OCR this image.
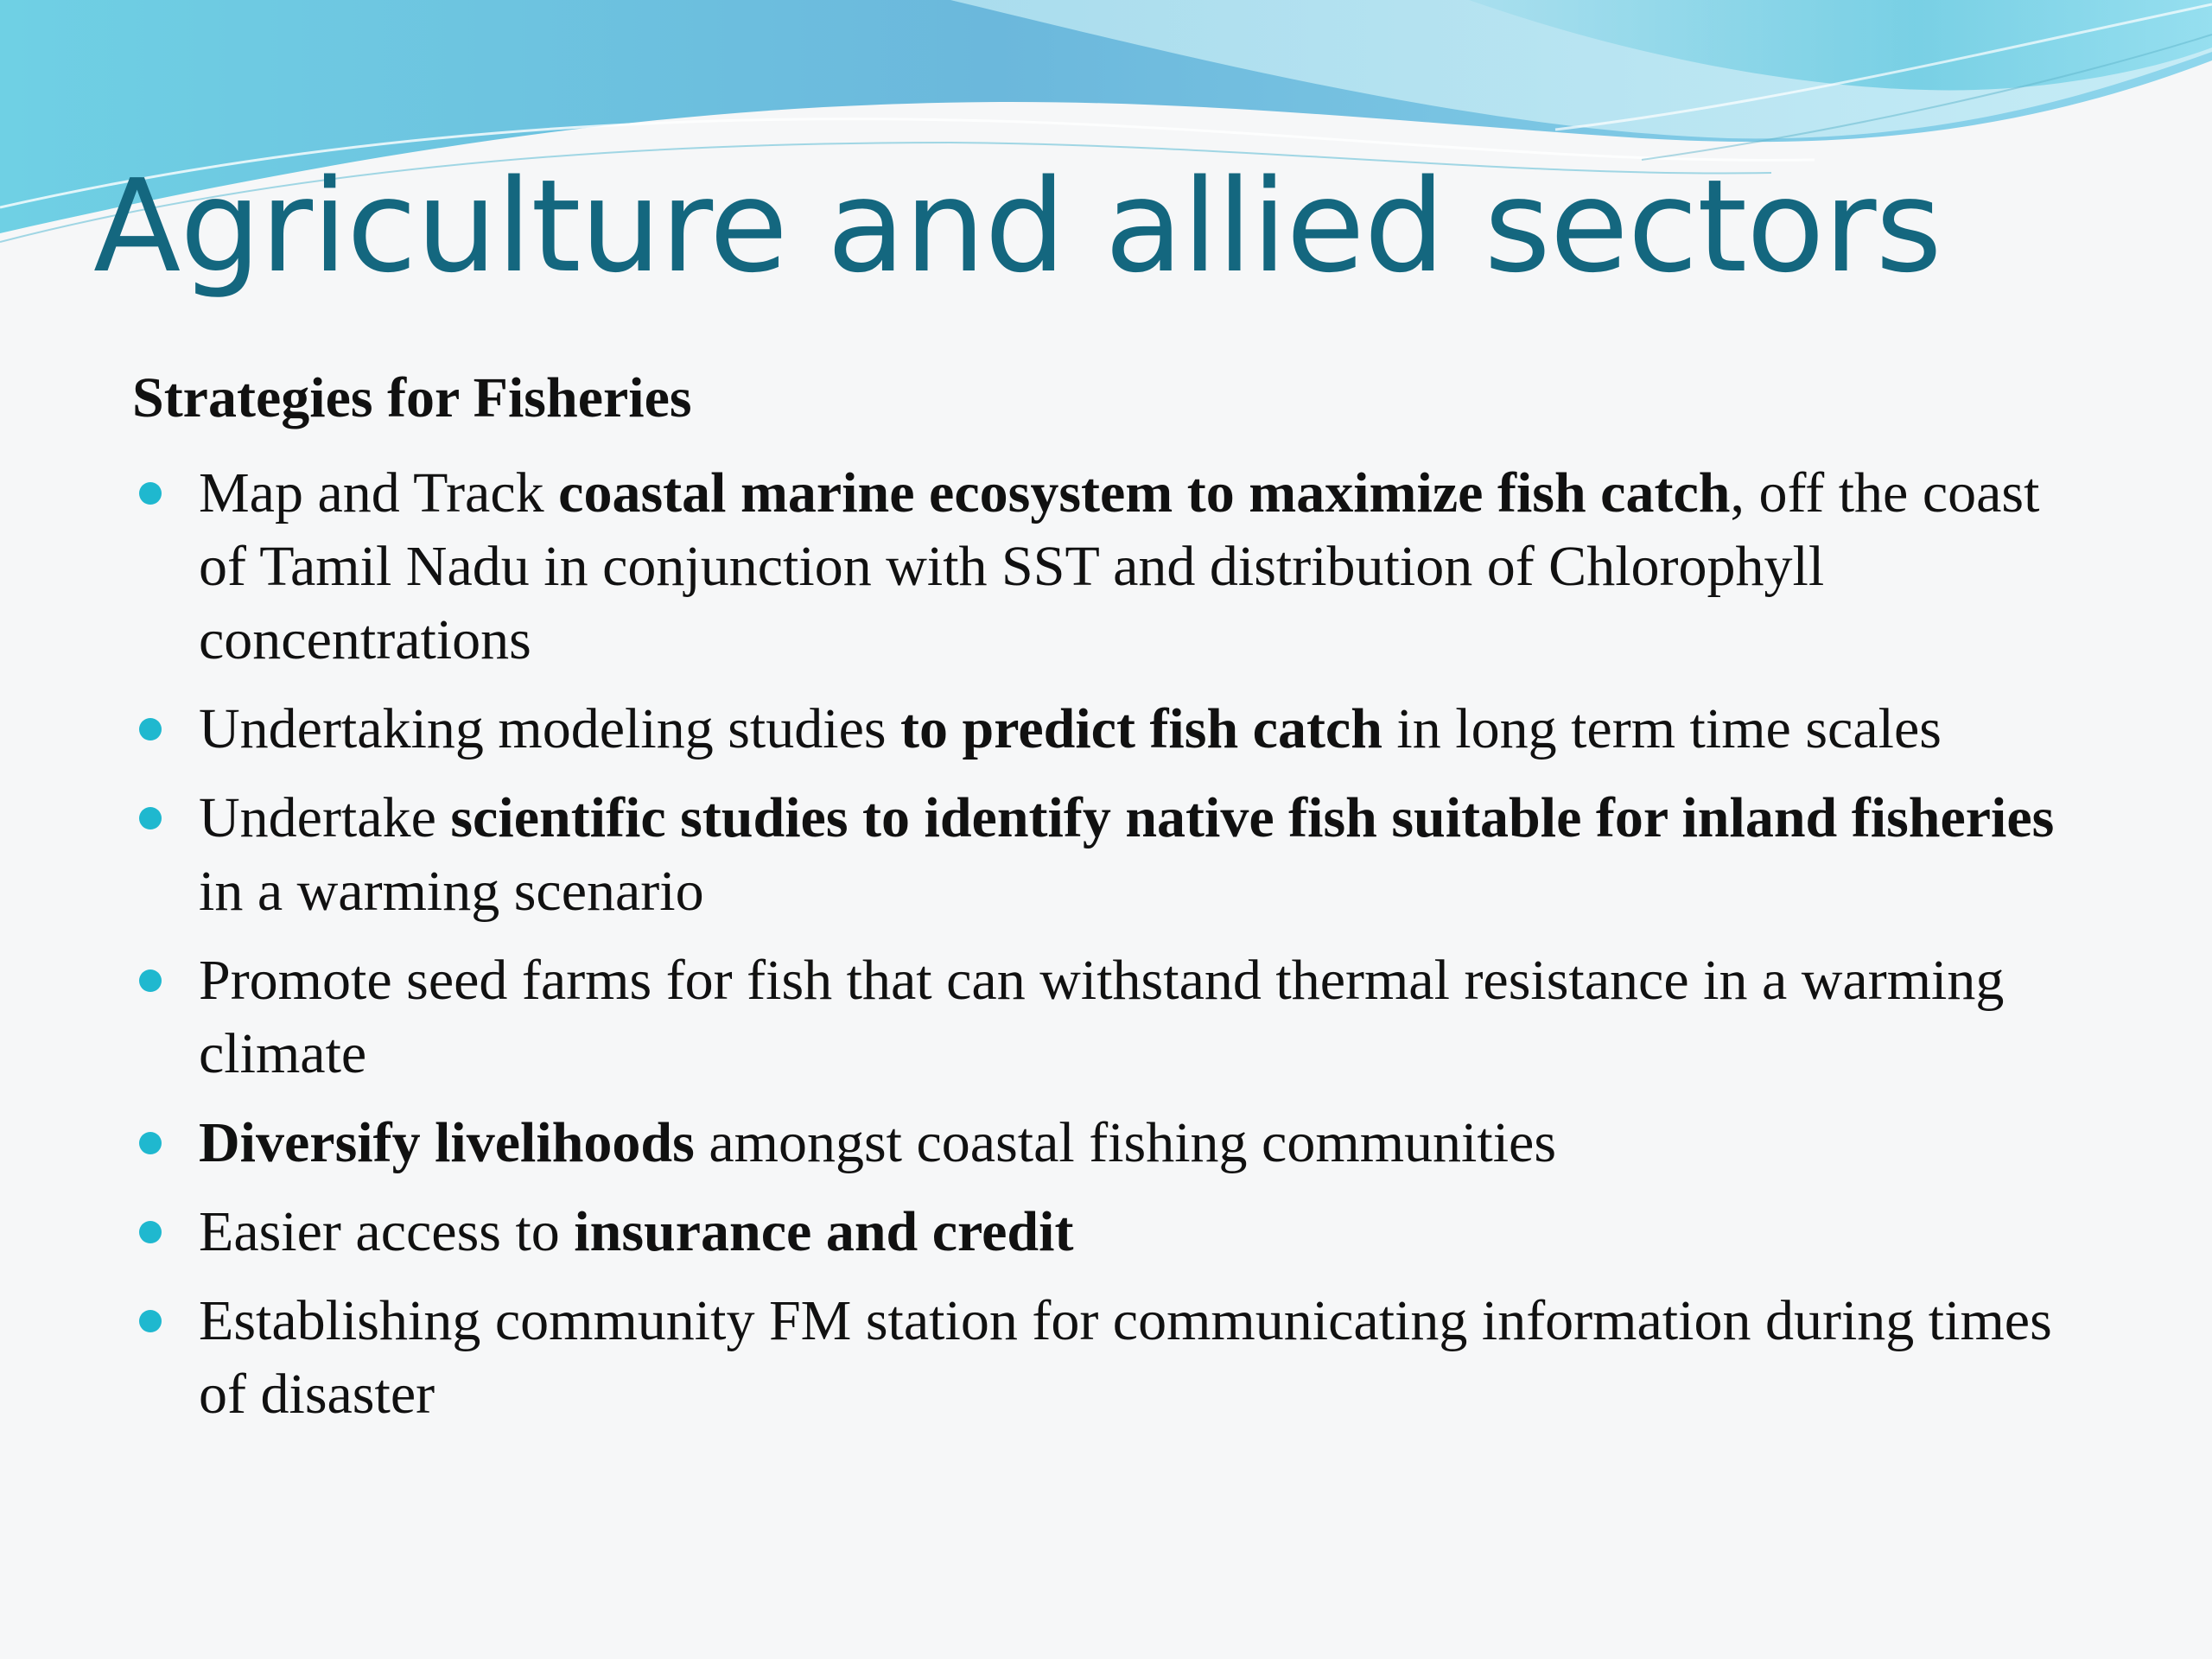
Agriculture and allied sectors
Strategies for Fisheries
Map and Track coastal marine ecosystem to maximize fish catch, off the coast of Tamil Nadu in conjunction with SST and distribution of Chlorophyll concentrations
Undertaking modeling studies to predict fish catch in long term time scales
Undertake scientific studies to identify native fish suitable for inland fisheries in a warming scenario
Promote seed farms for fish that can withstand thermal resistance in a warming climate
Diversify livelihoods amongst coastal fishing communities
Easier access to insurance and credit
Establishing community FM station for communicating information during times of disaster
